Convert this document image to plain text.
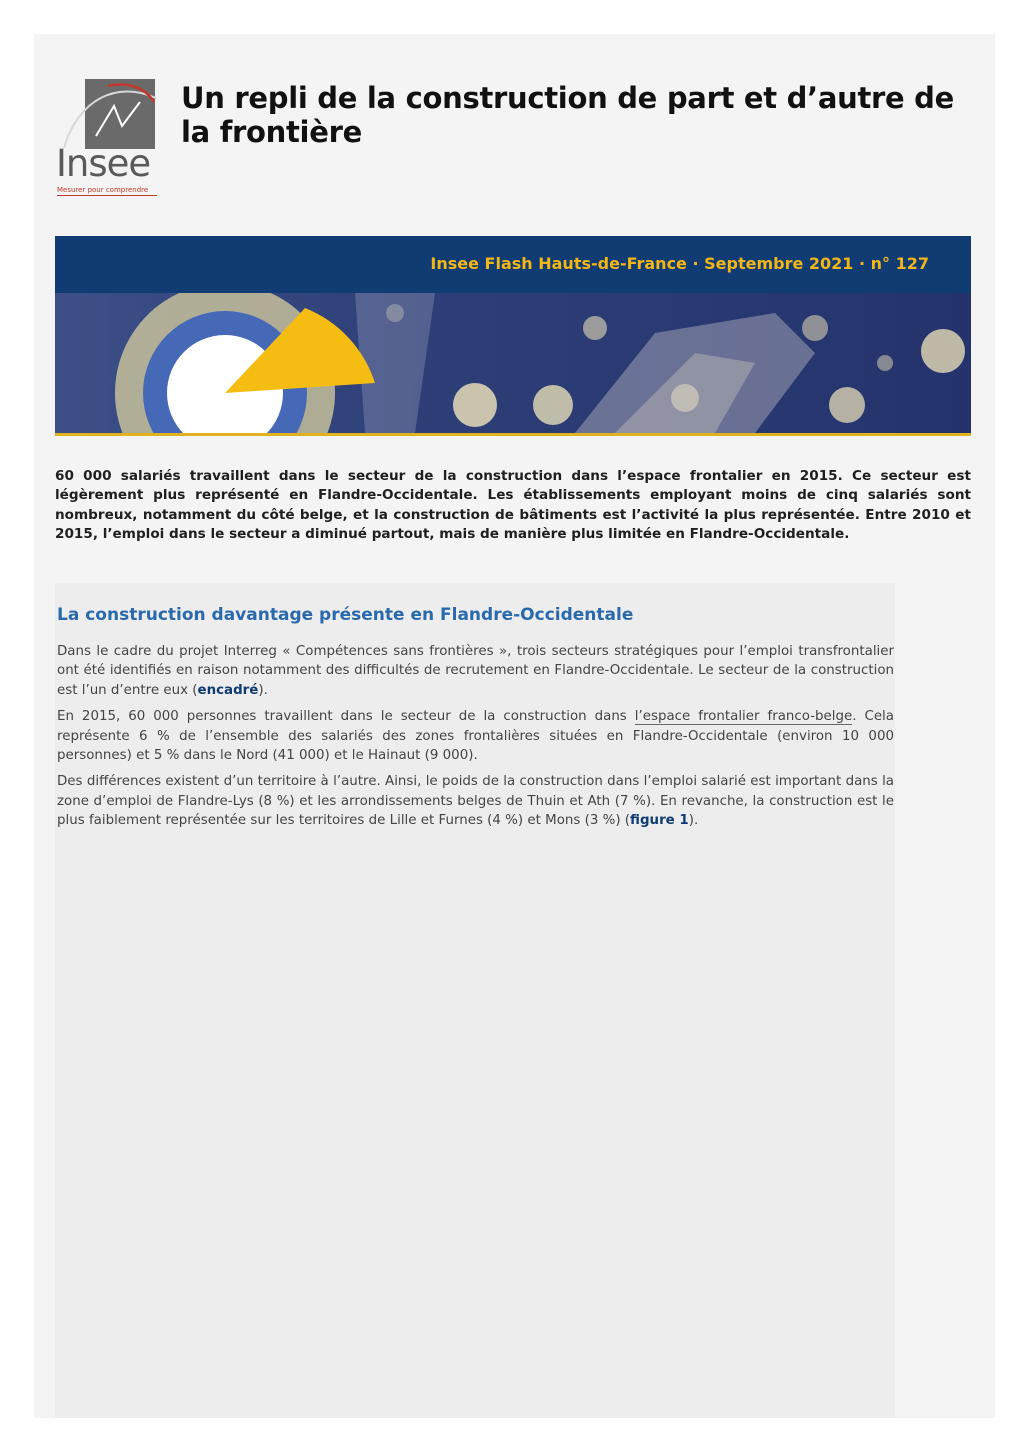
Insee
Mesurer pour comprendre
Un repli de la construction de part et d’autre de la frontière
Insee Flash Hauts-de-France · Septembre 2021 · n° 127

60 000 salariés travaillent dans le secteur de la construction dans l’espace frontalier en 2015. Ce secteur est légèrement plus représenté en Flandre-Occidentale. Les établissements employant moins de cinq salariés sont nombreux, notamment du côté belge, et la construction de bâtiments est l’activité la plus représentée. Entre 2010 et 2015, l’emploi dans le secteur a diminué partout, mais de manière plus limitée en Flandre-Occidentale.

La construction davantage présente en Flandre-Occidentale

Dans le cadre du projet Interreg « Compétences sans frontières », trois secteurs stratégiques pour l’emploi transfrontalier ont été identifiés en raison notamment des difficultés de recrutement en Flandre-Occidentale. Le secteur de la construction est l’un d’entre eux (encadré).

En 2015, 60 000 personnes travaillent dans le secteur de la construction dans l’espace frontalier franco-belge. Cela représente 6 % de l’ensemble des salariés des zones frontalières situées en Flandre-Occidentale (environ 10 000 personnes) et 5 % dans le Nord (41 000) et le Hainaut (9 000).

Des différences existent d’un territoire à l’autre. Ainsi, le poids de la construction dans l’emploi salarié est important dans la zone d’emploi de Flandre-Lys (8 %) et les arrondissements belges de Thuin et Ath (7 %). En revanche, la construction est le plus faiblement représentée sur les territoires de Lille et Furnes (4 %) et Mons (3 %) (figure 1).
